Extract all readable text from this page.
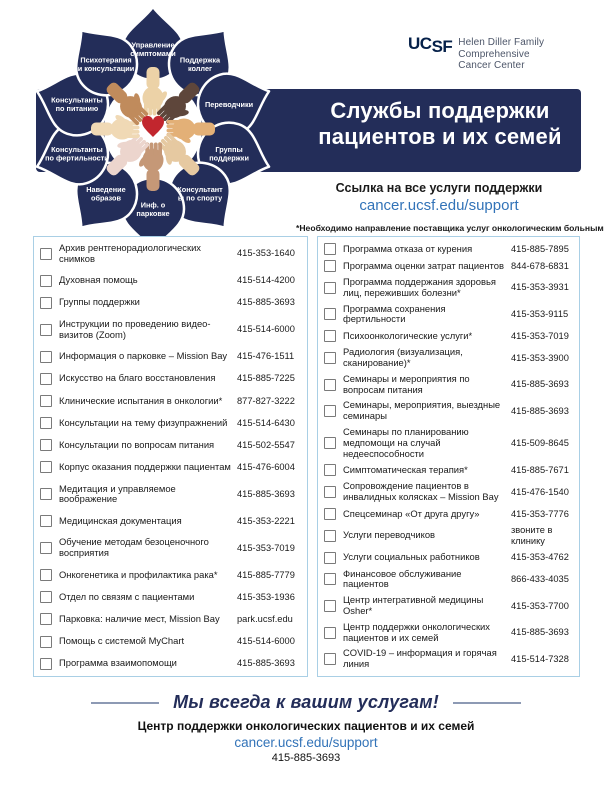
UCSF Helen Diller Family
Comprehensive
Cancer Center
Службы поддержки
пациентов и их семей
Ссылка на все услуги поддержки
cancer.ucsf.edu/support
*Необходимо направление поставщика услуг онкологическим больным
Управление симптомами
Поддержка коллег
Переводчики
Группы поддержки
Консультант ы по спорту
Инф. о парковке
Наведение образов
Консультанты по фертильности
Консультанты по питанию
Психотерапия и консультации
Архив рентгенорадиологических снимков	415-353-1640
Духовная помощь	415-514-4200
Группы поддержки	415-885-3693
Инструкции по проведению видео-визитов (Zoom)	415-514-6000
Информация о парковке – Mission Bay	415-476-1511
Искусство на благо восстановления	415-885-7225
Клинические испытания в онкологии*	877-827-3222
Консультации на тему физупражнений	415-514-6430
Консультации по вопросам питания	415-502-5547
Корпус оказания поддержки пациентам 415-476-6004
Медитация и управляемое воображение	415-885-3693
Медицинская документация	415-353-2221
Обучение методам безоценочного восприятия	415-353-7019
Онкогенетика и профилактика рака*	415-885-7779
Отдел по связям с пациентами	415-353-1936
Парковка: наличие мест, Mission Bay	park.ucsf.edu
Помощь с системой MyChart	415-514-6000
Программа взаимопомощи	415-885-3693
Программа отказа от курения	415-885-7895
Программа оценки затрат пациентов 844-678-6831
Программа поддержания здоровья лиц, переживших болезни*	415-353-3931
Программа сохранения фертильности	415-353-9115
Психоонкологические услуги*	415-353-7019
Радиология (визуализация, сканирование)*	415-353-3900
Семинары и мероприятия по вопросам питания	415-885-3693
Семинары, мероприятия, выездные семинары	415-885-3693
Семинары по планированию медпомощи на случай недееспособности
415-509-8645
Симптоматическая терапия*	415-885-7671
Сопровождение пациентов в инвалидных колясках – Mission Bay	415-476-1540
Спецсеминар «От друга другу»	415-353-7776
Услуги переводчиков	звоните в клинику
Услуги социальных работников	415-353-4762
Финансовое обслуживание пациентов	866-433-4035
Центр интегративной медицины Osher*	415-353-7700
Центр поддержки онкологических пациентов и их семей	415-885-3693
COVID-19 – информация и горячая линия	415-514-7328
Мы всегда к вашим услугам!
Центр поддержки онкологических пациентов и их семей
cancer.ucsf.edu/support
415-885-3693
